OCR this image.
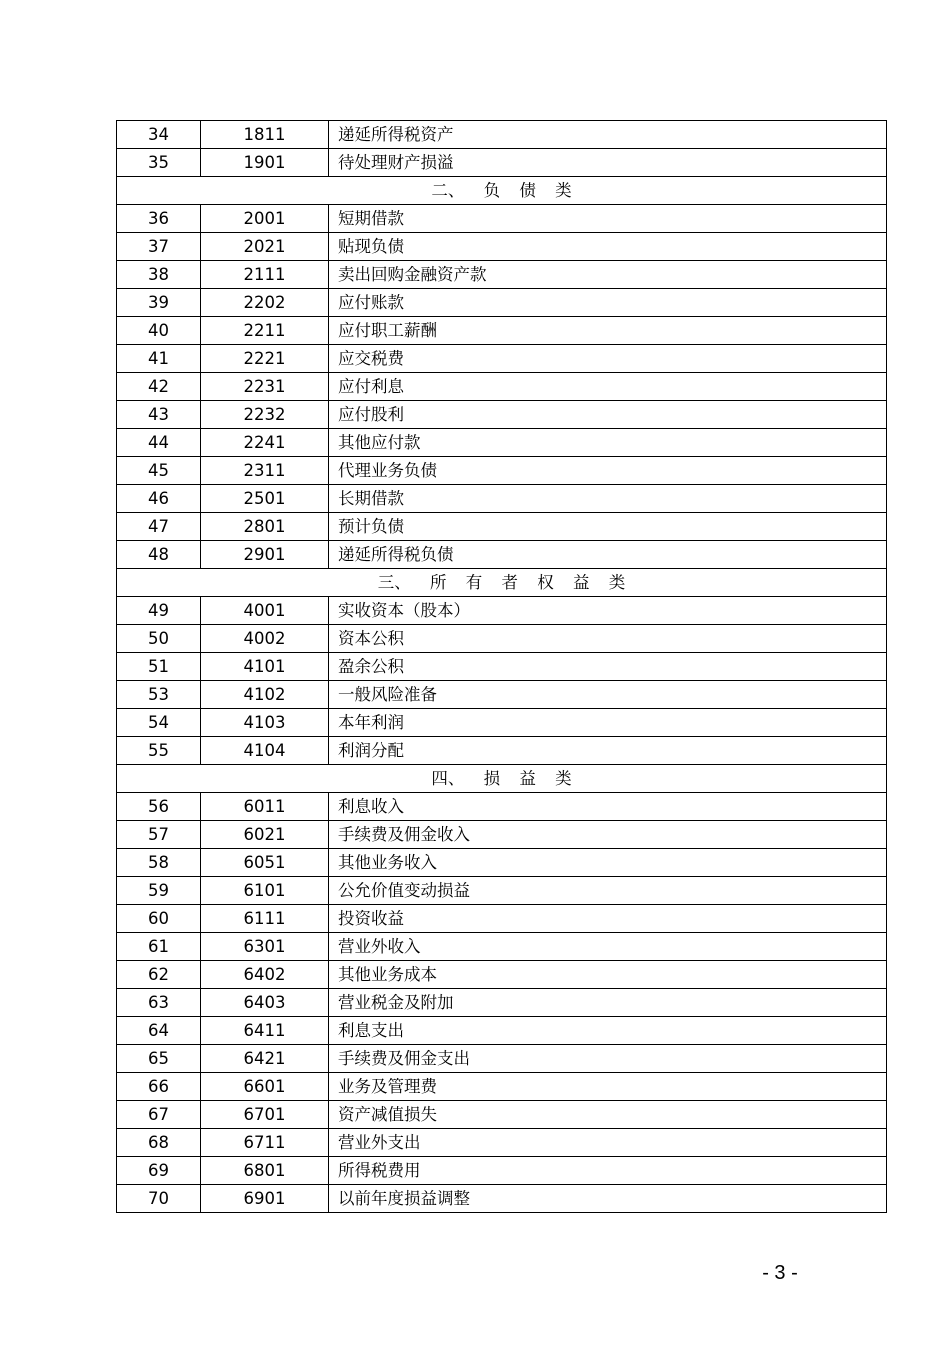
34	1811	递延所得税资产
35	1901	待处理财产损溢
二、 负 债 类		
36	2001	短期借款
37	2021	贴现负债
38	2111	卖出回购金融资产款
39	2202	应付账款
40	2211	应付职工薪酬
41	2221	应交税费
42	2231	应付利息
43	2232	应付股利
44	2241	其他应付款
45	2311	代理业务负债
46	2501	长期借款
47	2801	预计负债
48	2901	递延所得税负债
三、 所 有 者 权 益 类		
49	4001	实收资本（股本）
50	4002	资本公积
51	4101	盈余公积
53	4102	一般风险准备
54	4103	本年利润
55	4104	利润分配
四、 损 益 类		
56	6011	利息收入
57	6021	手续费及佣金收入
58	6051	其他业务收入
59	6101	公允价值变动损益
60	6111	投资收益
61	6301	营业外收入
62	6402	其他业务成本
63	6403	营业税金及附加
64	6411	利息支出
65	6421	手续费及佣金支出
66	6601	业务及管理费
67	6701	资产减值损失
68	6711	营业外支出
69	6801	所得税费用
70	6901	以前年度损益调整
- 3 -
